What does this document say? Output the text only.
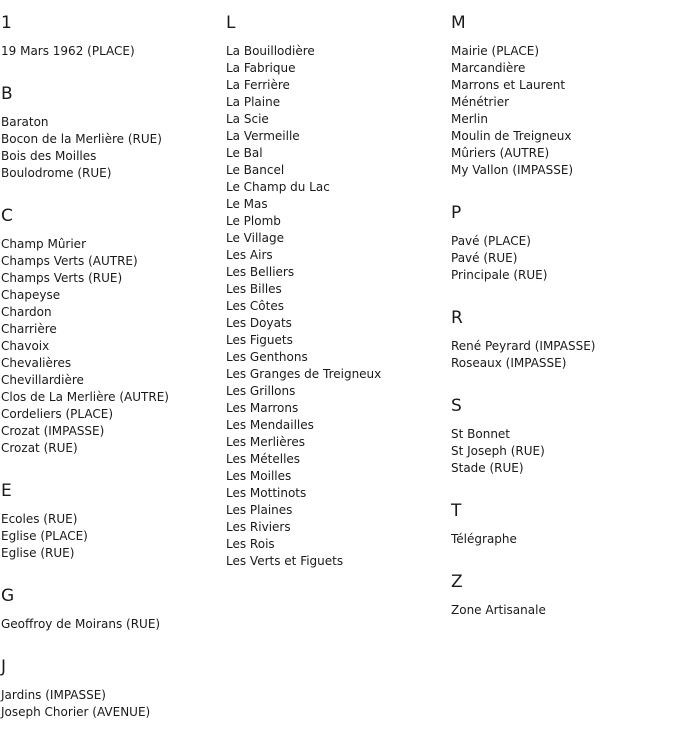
1
19 Mars 1962 (PLACE)
B
Baraton
Bocon de la Merlière (RUE)
Bois des Moilles
Boulodrome (RUE)
C
Champ Mûrier
Champs Verts (AUTRE)
Champs Verts (RUE)
Chapeyse
Chardon
Charrière
Chavoix
Chevalières
Chevillardière
Clos de La Merlière (AUTRE)
Cordeliers (PLACE)
Crozat (IMPASSE)
Crozat (RUE)
E
Ecoles (RUE)
Eglise (PLACE)
Eglise (RUE)
G
Geoffroy de Moirans (RUE)
J
Jardins (IMPASSE)
Joseph Chorier (AVENUE)
L
La Bouillodière
La Fabrique
La Ferrière
La Plaine
La Scie
La Vermeille
Le Bal
Le Bancel
Le Champ du Lac
Le Mas
Le Plomb
Le Village
Les Airs
Les Belliers
Les Billes
Les Côtes
Les Doyats
Les Figuets
Les Genthons
Les Granges de Treigneux
Les Grillons
Les Marrons
Les Mendailles
Les Merlières
Les Mételles
Les Moilles
Les Mottinots
Les Plaines
Les Riviers
Les Rois
Les Verts et Figuets
M
Mairie (PLACE)
Marcandière
Marrons et Laurent
Ménétrier
Merlin
Moulin de Treigneux
Mûriers (AUTRE)
My Vallon (IMPASSE)
P
Pavé (PLACE)
Pavé (RUE)
Principale (RUE)
R
René Peyrard (IMPASSE)
Roseaux (IMPASSE)
S
St Bonnet
St Joseph (RUE)
Stade (RUE)
T
Télégraphe
Z
Zone Artisanale
